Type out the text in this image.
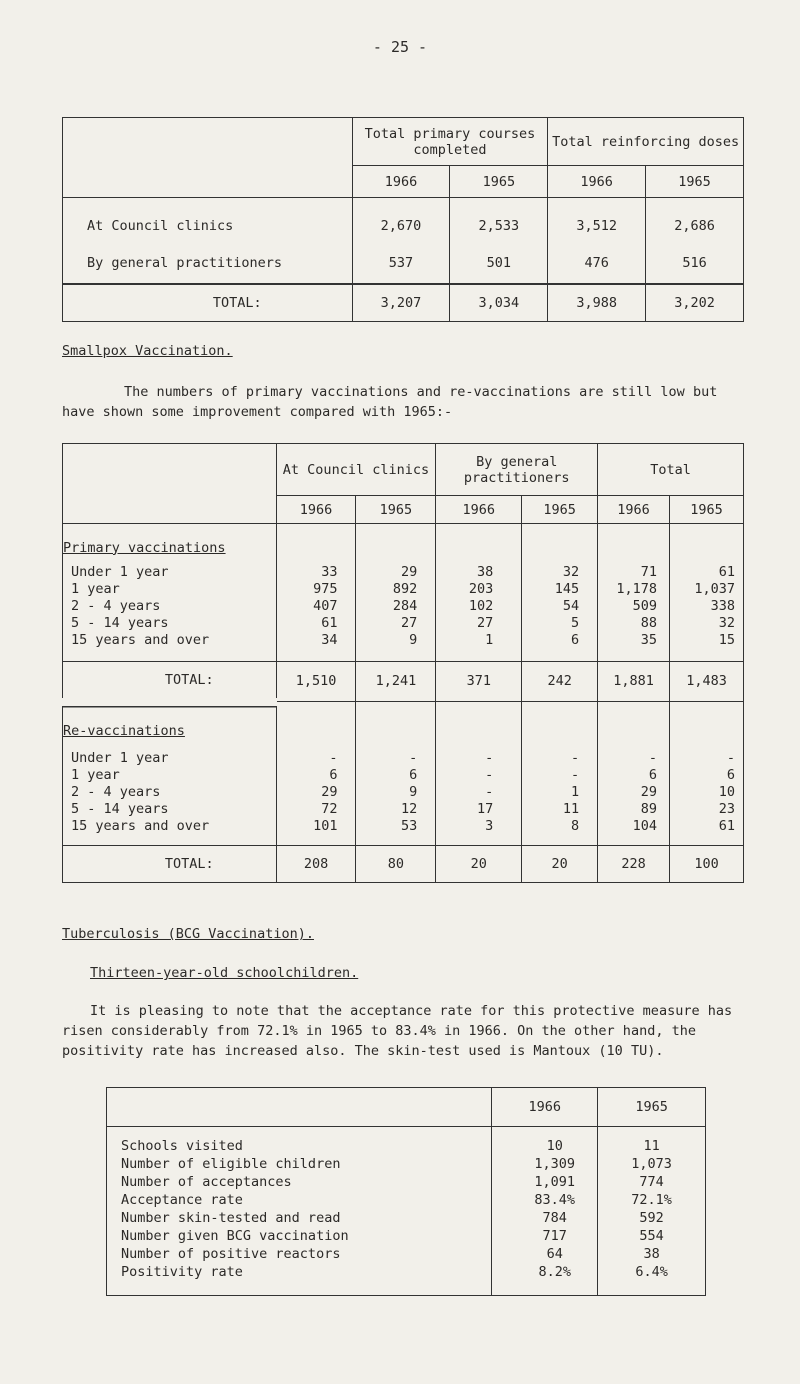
- 25 -
	Total primary courses completed		Total reinforcing doses	
	1966	1965	1966	1965
At Council clinics	2,670	2,533	3,512	2,686
By general practitioners	537	501	476	516
TOTAL:	3,207	3,034	3,988	3,202
Smallpox Vaccination.
The numbers of primary vaccinations and re-vaccinations are still low but have shown some improvement compared with 1965:-
	At Council clinics		By general practitioners		Total	
	1966	1965	1966	1965	1966	1965
Primary vaccinations						
Under 1 year	33	29	38	32	71	61
1 year	975	892	203	145	1,178	1,037
2 - 4 years	407	284	102	54	509	338
5 - 14 years	61	27	27	5	88	32
15 years and over	34	9	1	6	35	15
TOTAL:	1,510	1,241	371	242	1,881	1,483
Re-vaccinations						
Under 1 year	-	-	-	-	-	-
1 year	6	6	-	-	6	6
2 - 4 years	29	9	-	1	29	10
5 - 14 years	72	12	17	11	89	23
15 years and over	101	53	3	8	104	61
TOTAL:	208	80	20	20	228	100
Tuberculosis (BCG Vaccination).
Thirteen-year-old schoolchildren.
It is pleasing to note that the acceptance rate for this protective measure has risen considerably from 72.1% in 1965 to 83.4% in 1966. On the other hand, the positivity rate has increased also. The skin-test used is Mantoux (10 TU).
	1966	1965
Schools visited	10	11
Number of eligible children	1,309	1,073
Number of acceptances	1,091	774
Acceptance rate	83.4%	72.1%
Number skin-tested and read	784	592
Number given BCG vaccination	717	554
Number of positive reactors	64	38
Positivity rate	8.2%	6.4%
